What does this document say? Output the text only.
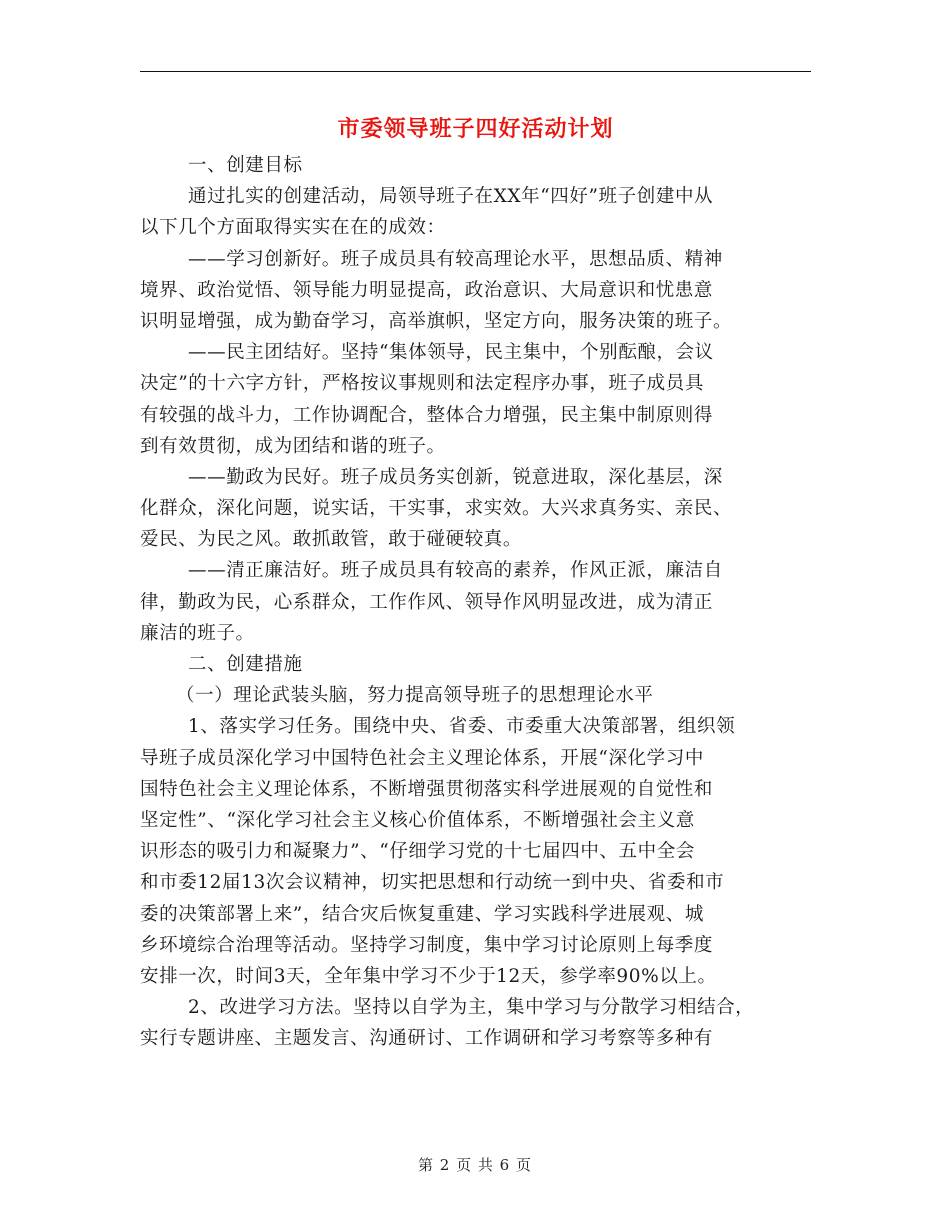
市委领导班子四好活动计划
一、创建目标
通过扎实的创建活动，局领导班子在XX年“四好”班子创建中从
以下几个方面取得实实在在的成效：
——学习创新好。班子成员具有较高理论水平，思想品质、精神
境界、政治觉悟、领导能力明显提高，政治意识、大局意识和忧患意
识明显增强，成为勤奋学习，高举旗帜，坚定方向，服务决策的班子。
——民主团结好。坚持“集体领导，民主集中，个别酝酿，会议
决定”的十六字方针，严格按议事规则和法定程序办事，班子成员具
有较强的战斗力，工作协调配合，整体合力增强，民主集中制原则得
到有效贯彻，成为团结和谐的班子。
——勤政为民好。班子成员务实创新，锐意进取，深化基层，深
化群众，深化问题，说实话，干实事，求实效。大兴求真务实、亲民、
爱民、为民之风。敢抓敢管，敢于碰硬较真。
——清正廉洁好。班子成员具有较高的素养，作风正派，廉洁自
律，勤政为民，心系群众，工作作风、领导作风明显改进，成为清正
廉洁的班子。
二、创建措施
（一）理论武装头脑，努力提高领导班子的思想理论水平
1、落实学习任务。围绕中央、省委、市委重大决策部署，组织领
导班子成员深化学习中国特色社会主义理论体系，开展“深化学习中
国特色社会主义理论体系，不断增强贯彻落实科学进展观的自觉性和
坚定性”、“深化学习社会主义核心价值体系，不断增强社会主义意
识形态的吸引力和凝聚力”、“仔细学习党的十七届四中、五中全会
和市委12届13次会议精神，切实把思想和行动统一到中央、省委和市
委的决策部署上来”，结合灾后恢复重建、学习实践科学进展观、城
乡环境综合治理等活动。坚持学习制度，集中学习讨论原则上每季度
安排一次，时间3天，全年集中学习不少于12天，参学率90%以上。
2、改进学习方法。坚持以自学为主，集中学习与分散学习相结合，
实行专题讲座、主题发言、沟通研讨、工作调研和学习考察等多种有
第 2 页 共 6 页
